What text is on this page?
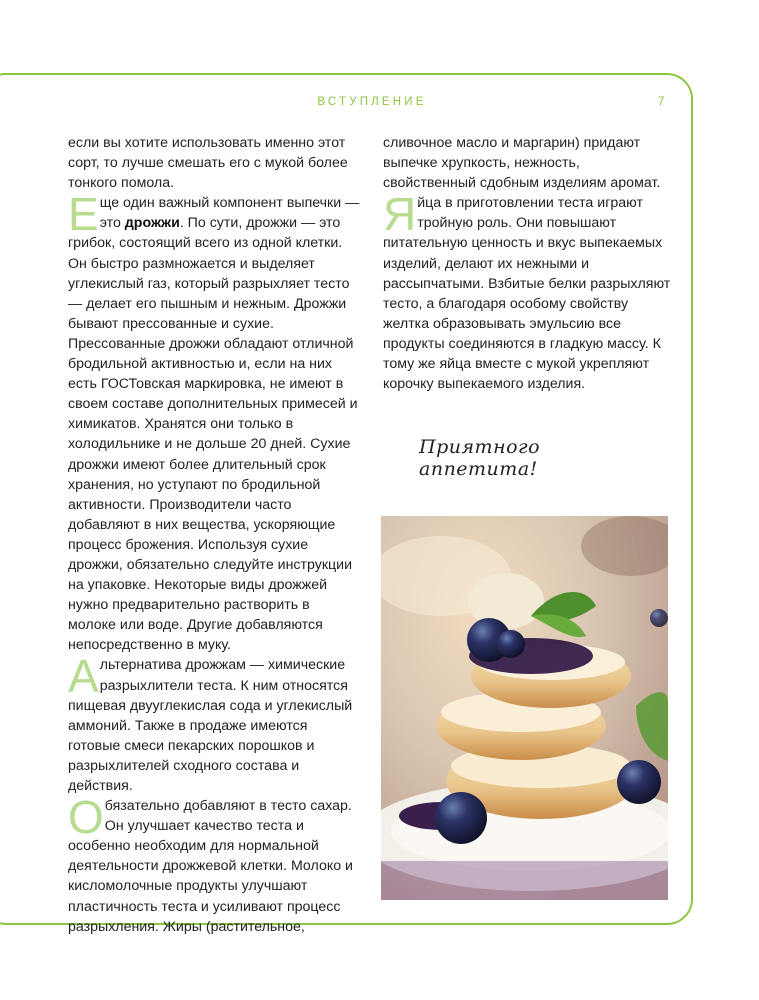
ВСТУПЛЕНИЕ	7

если вы хотите использовать именно этот сорт, то лучше смешать его с мукой более тонкого помола.

Еще один важный компонент выпечки — это дрожжи. По сути, дрожжи — это грибок, состоящий всего из одной клетки. Он быстро размножается и выделяет углекислый газ, который разрыхляет тесто — делает его пышным и нежным. Дрожжи бывают прессованные и сухие. Прессованные дрожжи обладают отличной бродильной активностью и, если на них есть ГОСТовская маркировка, не имеют в своем составе дополнительных примесей и химикатов. Хранятся они только в холодильнике и не дольше 20 дней. Сухие дрожжи имеют более длительный срок хранения, но уступают по бродильной активности. Производители часто добавляют в них вещества, ускоряющие процесс брожения. Используя сухие дрожжи, обязательно следуйте инструкции на упаковке. Некоторые виды дрожжей нужно предварительно растворить в молоке или воде. Другие добавляются непосредственно в муку.

Альтернатива дрожжам — химические разрыхлители теста. К ним относятся пищевая двууглекислая сода и углекислый аммоний. Также в продаже имеются готовые смеси пекарских порошков и разрыхлителей сходного состава и действия.

Обязательно добавляют в тесто сахар. Он улучшает качество теста и особенно необходим для нормальной деятельности дрожжевой клетки. Молоко и кисломолочные продукты улучшают пластичность теста и усиливают процесс разрыхления. Жиры (растительное,

сливочное масло и маргарин) придают выпечке хрупкость, нежность, свойственный сдобным изделиям аромат.

Яйца в приготовлении теста играют тройную роль. Они повышают питательную ценность и вкус выпекаемых изделий, делают их нежными и рассыпчатыми. Взбитые белки разрыхляют тесто, а благодаря особому свойству желтка образовывать эмульсию все продукты соединяются в гладкую массу. К тому же яйца вместе с мукой укрепляют корочку выпекаемого изделия.

Приятного аппетита!
